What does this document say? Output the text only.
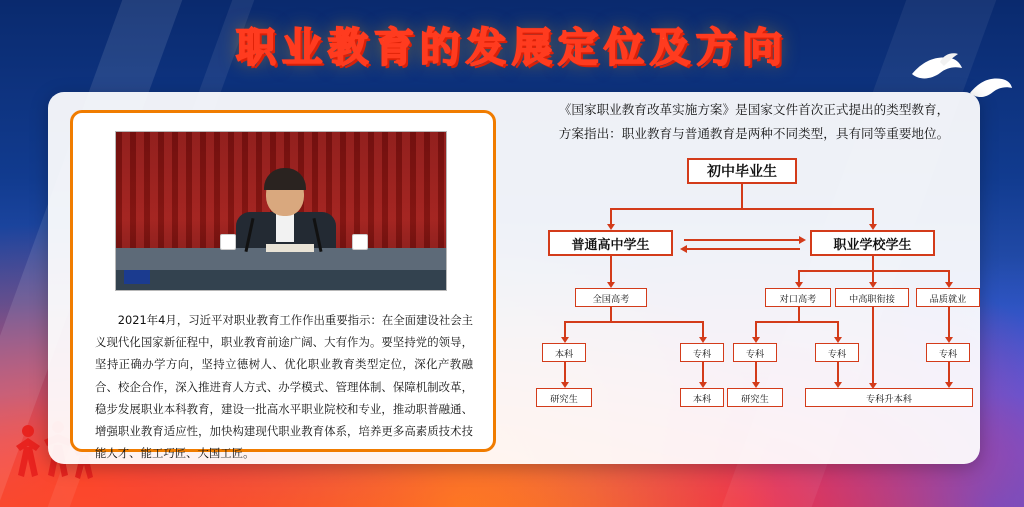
职业教育的发展定位及方向
2021年4月，习近平对职业教育工作作出重要指示：在全面建设社会主义现代化国家新征程中，职业教育前途广阔、大有作为。要坚持党的领导，坚持正确办学方向，坚持立德树人、优化职业教育类型定位，深化产教融合、校企合作，深入推进育人方式、办学模式、管理体制、保障机制改革，稳步发展职业本科教育，建设一批高水平职业院校和专业，推动职普融通、增强职业教育适应性，加快构建现代职业教育体系，培养更多高素质技术技能人才、能工巧匠、大国工匠。
《国家职业教育改革实施方案》是国家文件首次正式提出的类型教育，
方案指出：职业教育与普通教育是两种不同类型，具有同等重要地位。
初中毕业生
普通高中学生	职业学校学生
全国高考	对口高考	中高职衔接	品质就业
本科	专科	专科	专科	专科
研究生	本科	研究生	专科升本科
